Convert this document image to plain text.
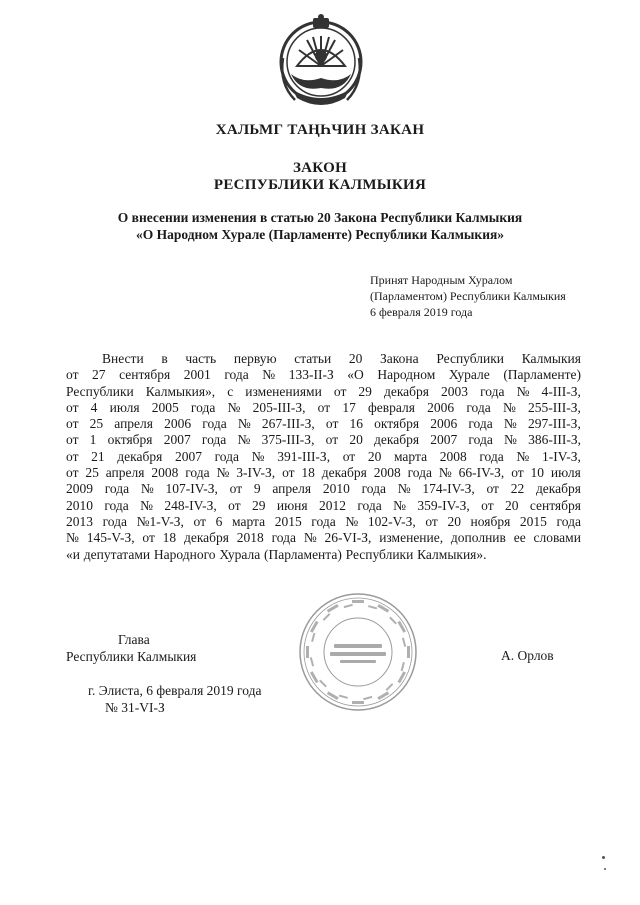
ХАЛЬМГ ТАҢҺЧИН ЗАКАН
ЗАКОН
РЕСПУБЛИКИ КАЛМЫКИЯ
О внесении изменения в статью 20 Закона Республики Калмыкия
«О Народном Хурале (Парламенте) Республики Калмыкия»
Принят Народным Хуралом
(Парламентом) Республики Калмыкия
6 февраля 2019 года
Внести в часть первую статьи 20 Закона Республики Калмыкия
от 27 сентября 2001 года № 133-II-З «О Народном Хурале (Парламенте)
Республики Калмыкия», с изменениями от 29 декабря 2003 года № 4-III-З,
от 4 июля 2005 года № 205-III-З, от 17 февраля 2006 года № 255-III-З,
от 25 апреля 2006 года № 267-III-З, от 16 октября 2006 года № 297-III-З,
от 1 октября 2007 года № 375-III-З, от 20 декабря 2007 года № 386-III-З,
от 21 декабря 2007 года № 391-III-З, от 20 марта 2008 года № 1-IV-З,
от 25 апреля 2008 года № 3-IV-З, от 18 декабря 2008 года № 66-IV-З, от 10 июля
2009 года № 107-IV-З, от 9 апреля 2010 года № 174-IV-З, от 22 декабря
2010 года № 248-IV-З, от 29 июня 2012 года № 359-IV-З, от 20 сентября
2013 года №1-V-З, от 6 марта 2015 года № 102-V-З, от 20 ноября 2015 года
№ 145-V-З, от 18 декабря 2018 года № 26-VI-З, изменение, дополнив ее словами
«и депутатами Народного Хурала (Парламента) Республики Калмыкия».
Глава
Республики Калмыкия	А. Орлов
г. Элиста, 6 февраля 2019 года
№ 31-VI-З
